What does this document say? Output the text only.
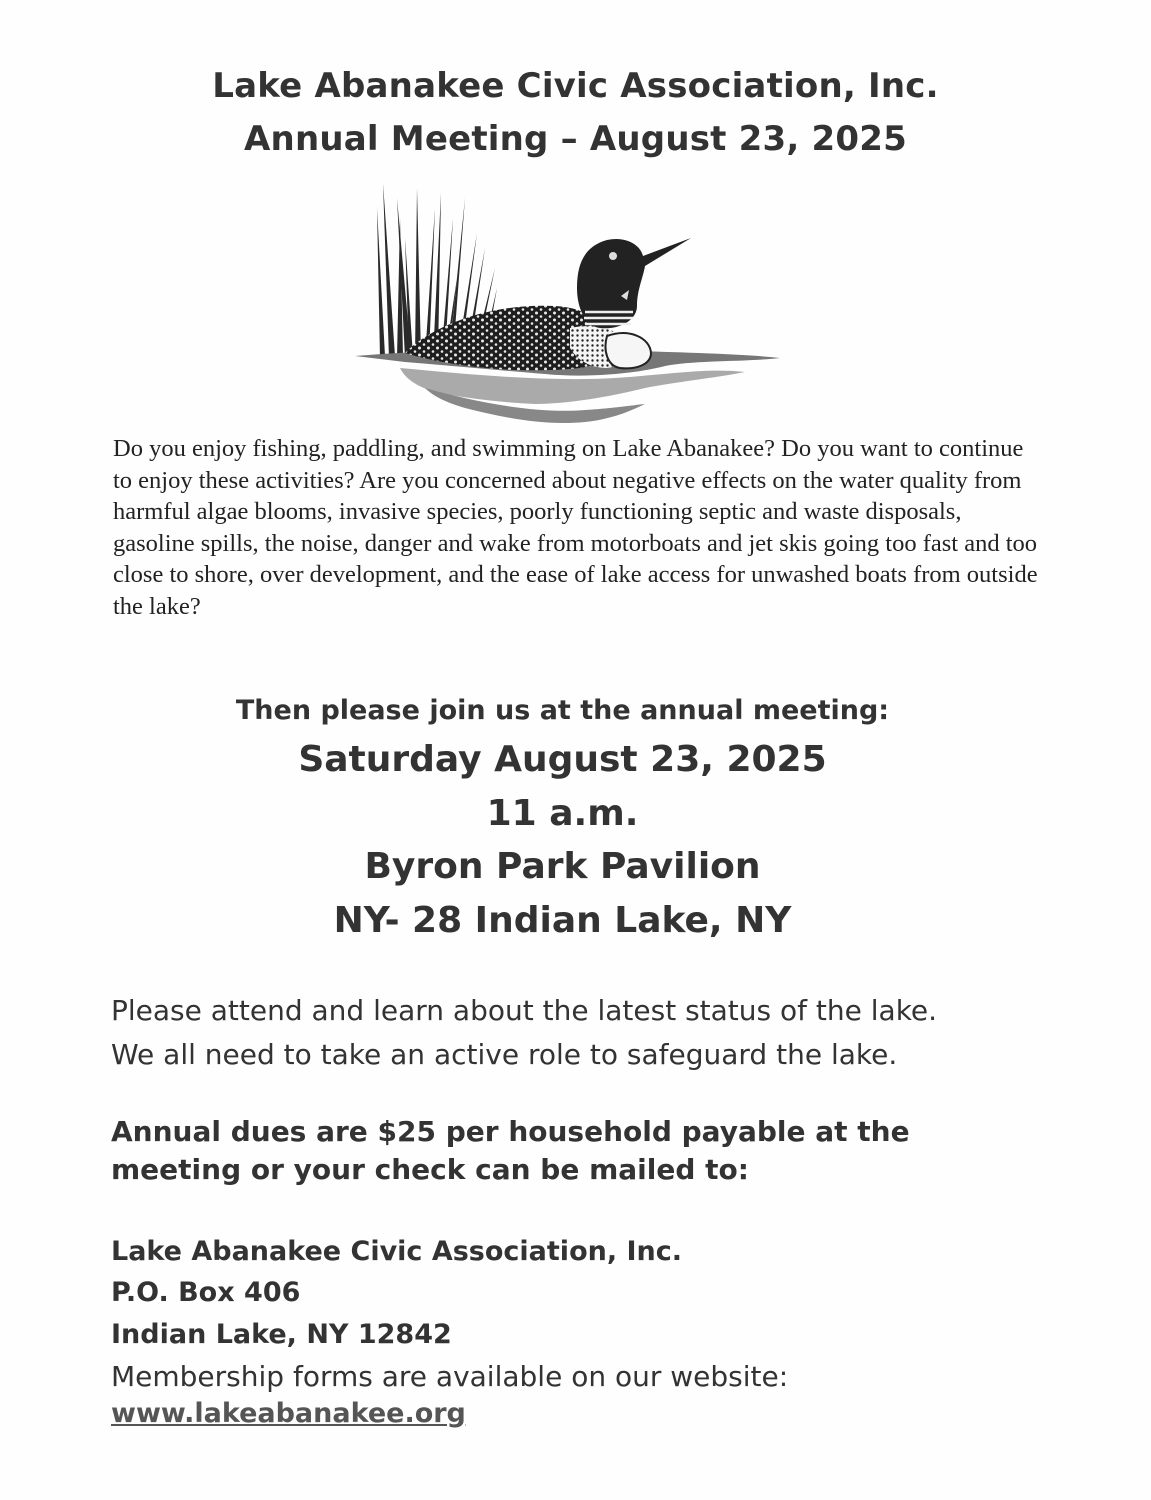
Lake Abanakee Civic Association, Inc.
Annual Meeting – August 23, 2025

Do you enjoy fishing, paddling, and swimming on Lake Abanakee? Do you want to continue to enjoy these activities? Are you concerned about negative effects on the water quality from harmful algae blooms, invasive species, poorly functioning septic and waste disposals, gasoline spills, the noise, danger and wake from motorboats and jet skis going too fast and too close to shore, over development, and the ease of lake access for unwashed boats from outside the lake?

Then please join us at the annual meeting:

Saturday August 23, 2025

11 a.m.

Byron Park Pavilion

NY- 28 Indian Lake, NY

Please attend and learn about the latest status of the lake.

We all need to take an active role to safeguard the lake.

Annual dues are $25 per household payable at the

meeting or your check can be mailed to:

Lake Abanakee Civic Association, Inc.

P.O. Box 406

Indian Lake, NY 12842

Membership forms are available on our website:

www.lakeabanakee.org
